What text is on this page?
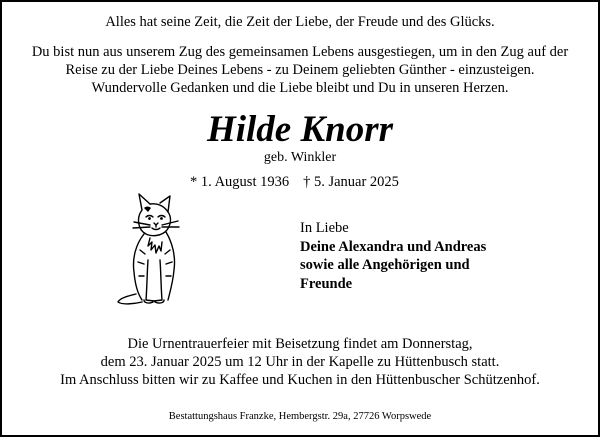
Alles hat seine Zeit, die Zeit der Liebe, der Freude und des Glücks.
Du bist nun aus unserem Zug des gemeinsamen Lebens ausgestiegen, um in den Zug auf der
Reise zu der Liebe Deines Lebens - zu Deinem geliebten Günther - einzusteigen.
Wundervolle Gedanken und die Liebe bleibt und Du in unseren Herzen.
Hilde Knorr
geb. Winkler
* 1. August 1936 † 5. Januar 2025
In Liebe
Deine Alexandra und Andreas
sowie alle Angehörigen und
Freunde
Die Urnentrauerfeier mit Beisetzung findet am Donnerstag,
dem 23. Januar 2025 um 12 Uhr in der Kapelle zu Hüttenbusch statt.
Im Anschluss bitten wir zu Kaffee und Kuchen in den Hüttenbuscher Schützenhof.
Bestattungshaus Franzke, Hembergstr. 29a, 27726 Worpswede
